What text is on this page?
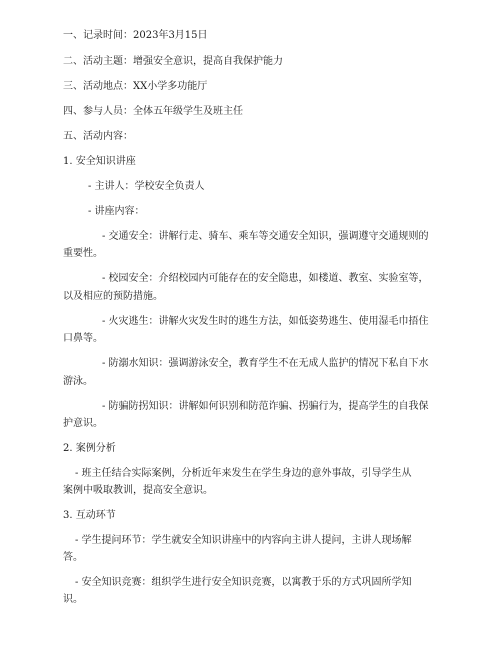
一、记录时间：2023年3月15日
二、活动主题：增强安全意识，提高自我保护能力
三、活动地点：XX小学多功能厅
四、参与人员：全体五年级学生及班主任
五、活动内容：
1. 安全知识讲座
- 主讲人：学校安全负责人
- 讲座内容：
- 交通安全：讲解行走、骑车、乘车等交通安全知识，强调遵守交通规则的
重要性。
- 校园安全：介绍校园内可能存在的安全隐患，如楼道、教室、实验室等，
以及相应的预防措施。
- 火灾逃生：讲解火灾发生时的逃生方法，如低姿势逃生、使用湿毛巾捂住
口鼻等。
- 防溺水知识：强调游泳安全，教育学生不在无成人监护的情况下私自下水
游泳。
- 防骗防拐知识：讲解如何识别和防范诈骗、拐骗行为，提高学生的自我保
护意识。
2. 案例分析
- 班主任结合实际案例，分析近年来发生在学生身边的意外事故，引导学生从
案例中吸取教训，提高安全意识。
3. 互动环节
- 学生提问环节：学生就安全知识讲座中的内容向主讲人提问，主讲人现场解
答。
- 安全知识竞赛：组织学生进行安全知识竞赛，以寓教于乐的方式巩固所学知
识。
